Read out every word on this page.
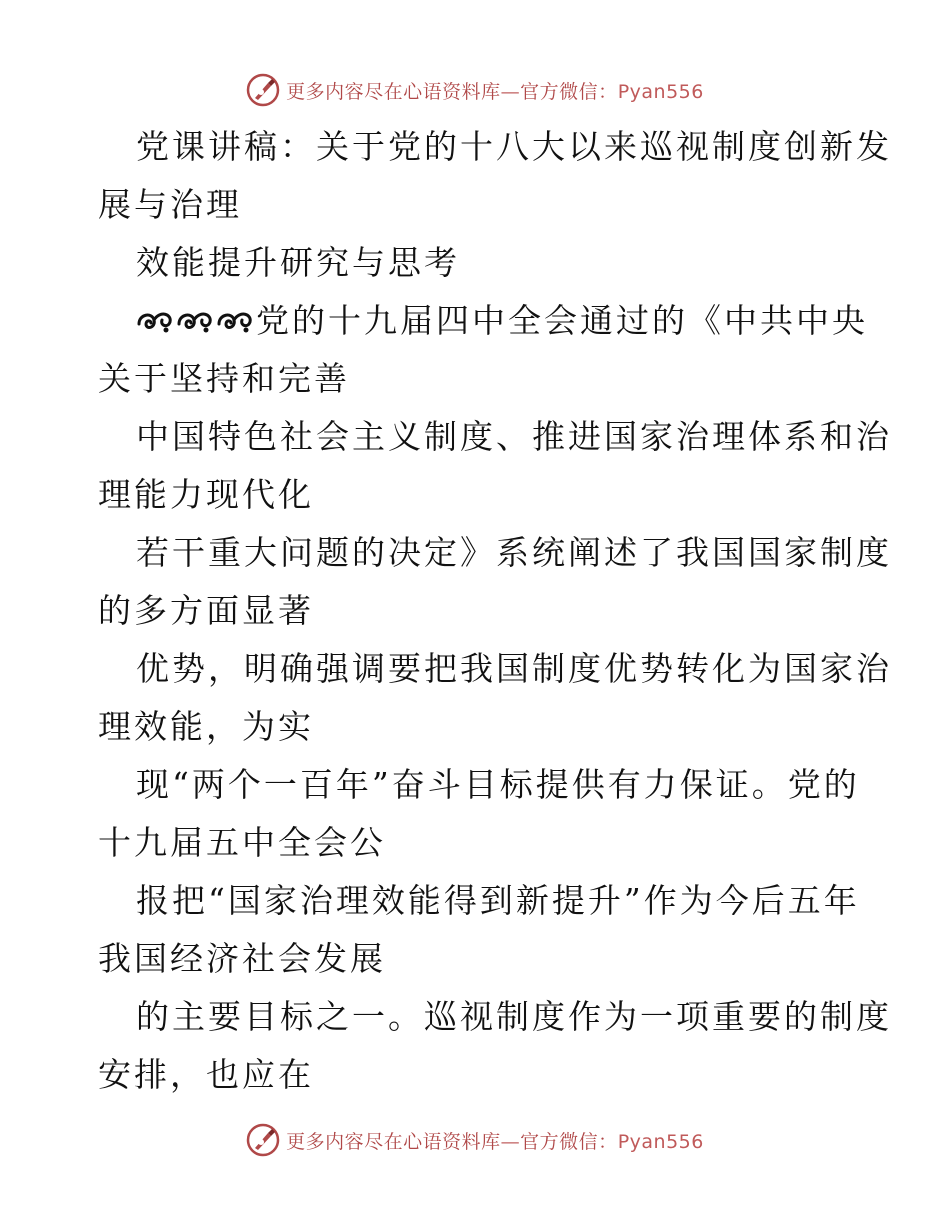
更多内容尽在心语资料库—官方微信：Pyan556
党课讲稿：关于党的十八大以来巡视制度创新发
展与治理
效能提升研究与思考
党的十九届四中全会通过的《中共中央
关于坚持和完善
中国特色社会主义制度、推进国家治理体系和治
理能力现代化
若干重大问题的决定》系统阐述了我国国家制度
的多方面显著
优势，明确强调要把我国制度优势转化为国家治
理效能，为实
现“两个一百年”奋斗目标提供有力保证。党的
十九届五中全会公
报把“国家治理效能得到新提升”作为今后五年
我国经济社会发展
的主要目标之一。巡视制度作为一项重要的制度
安排，也应在
更多内容尽在心语资料库—官方微信：Pyan556
